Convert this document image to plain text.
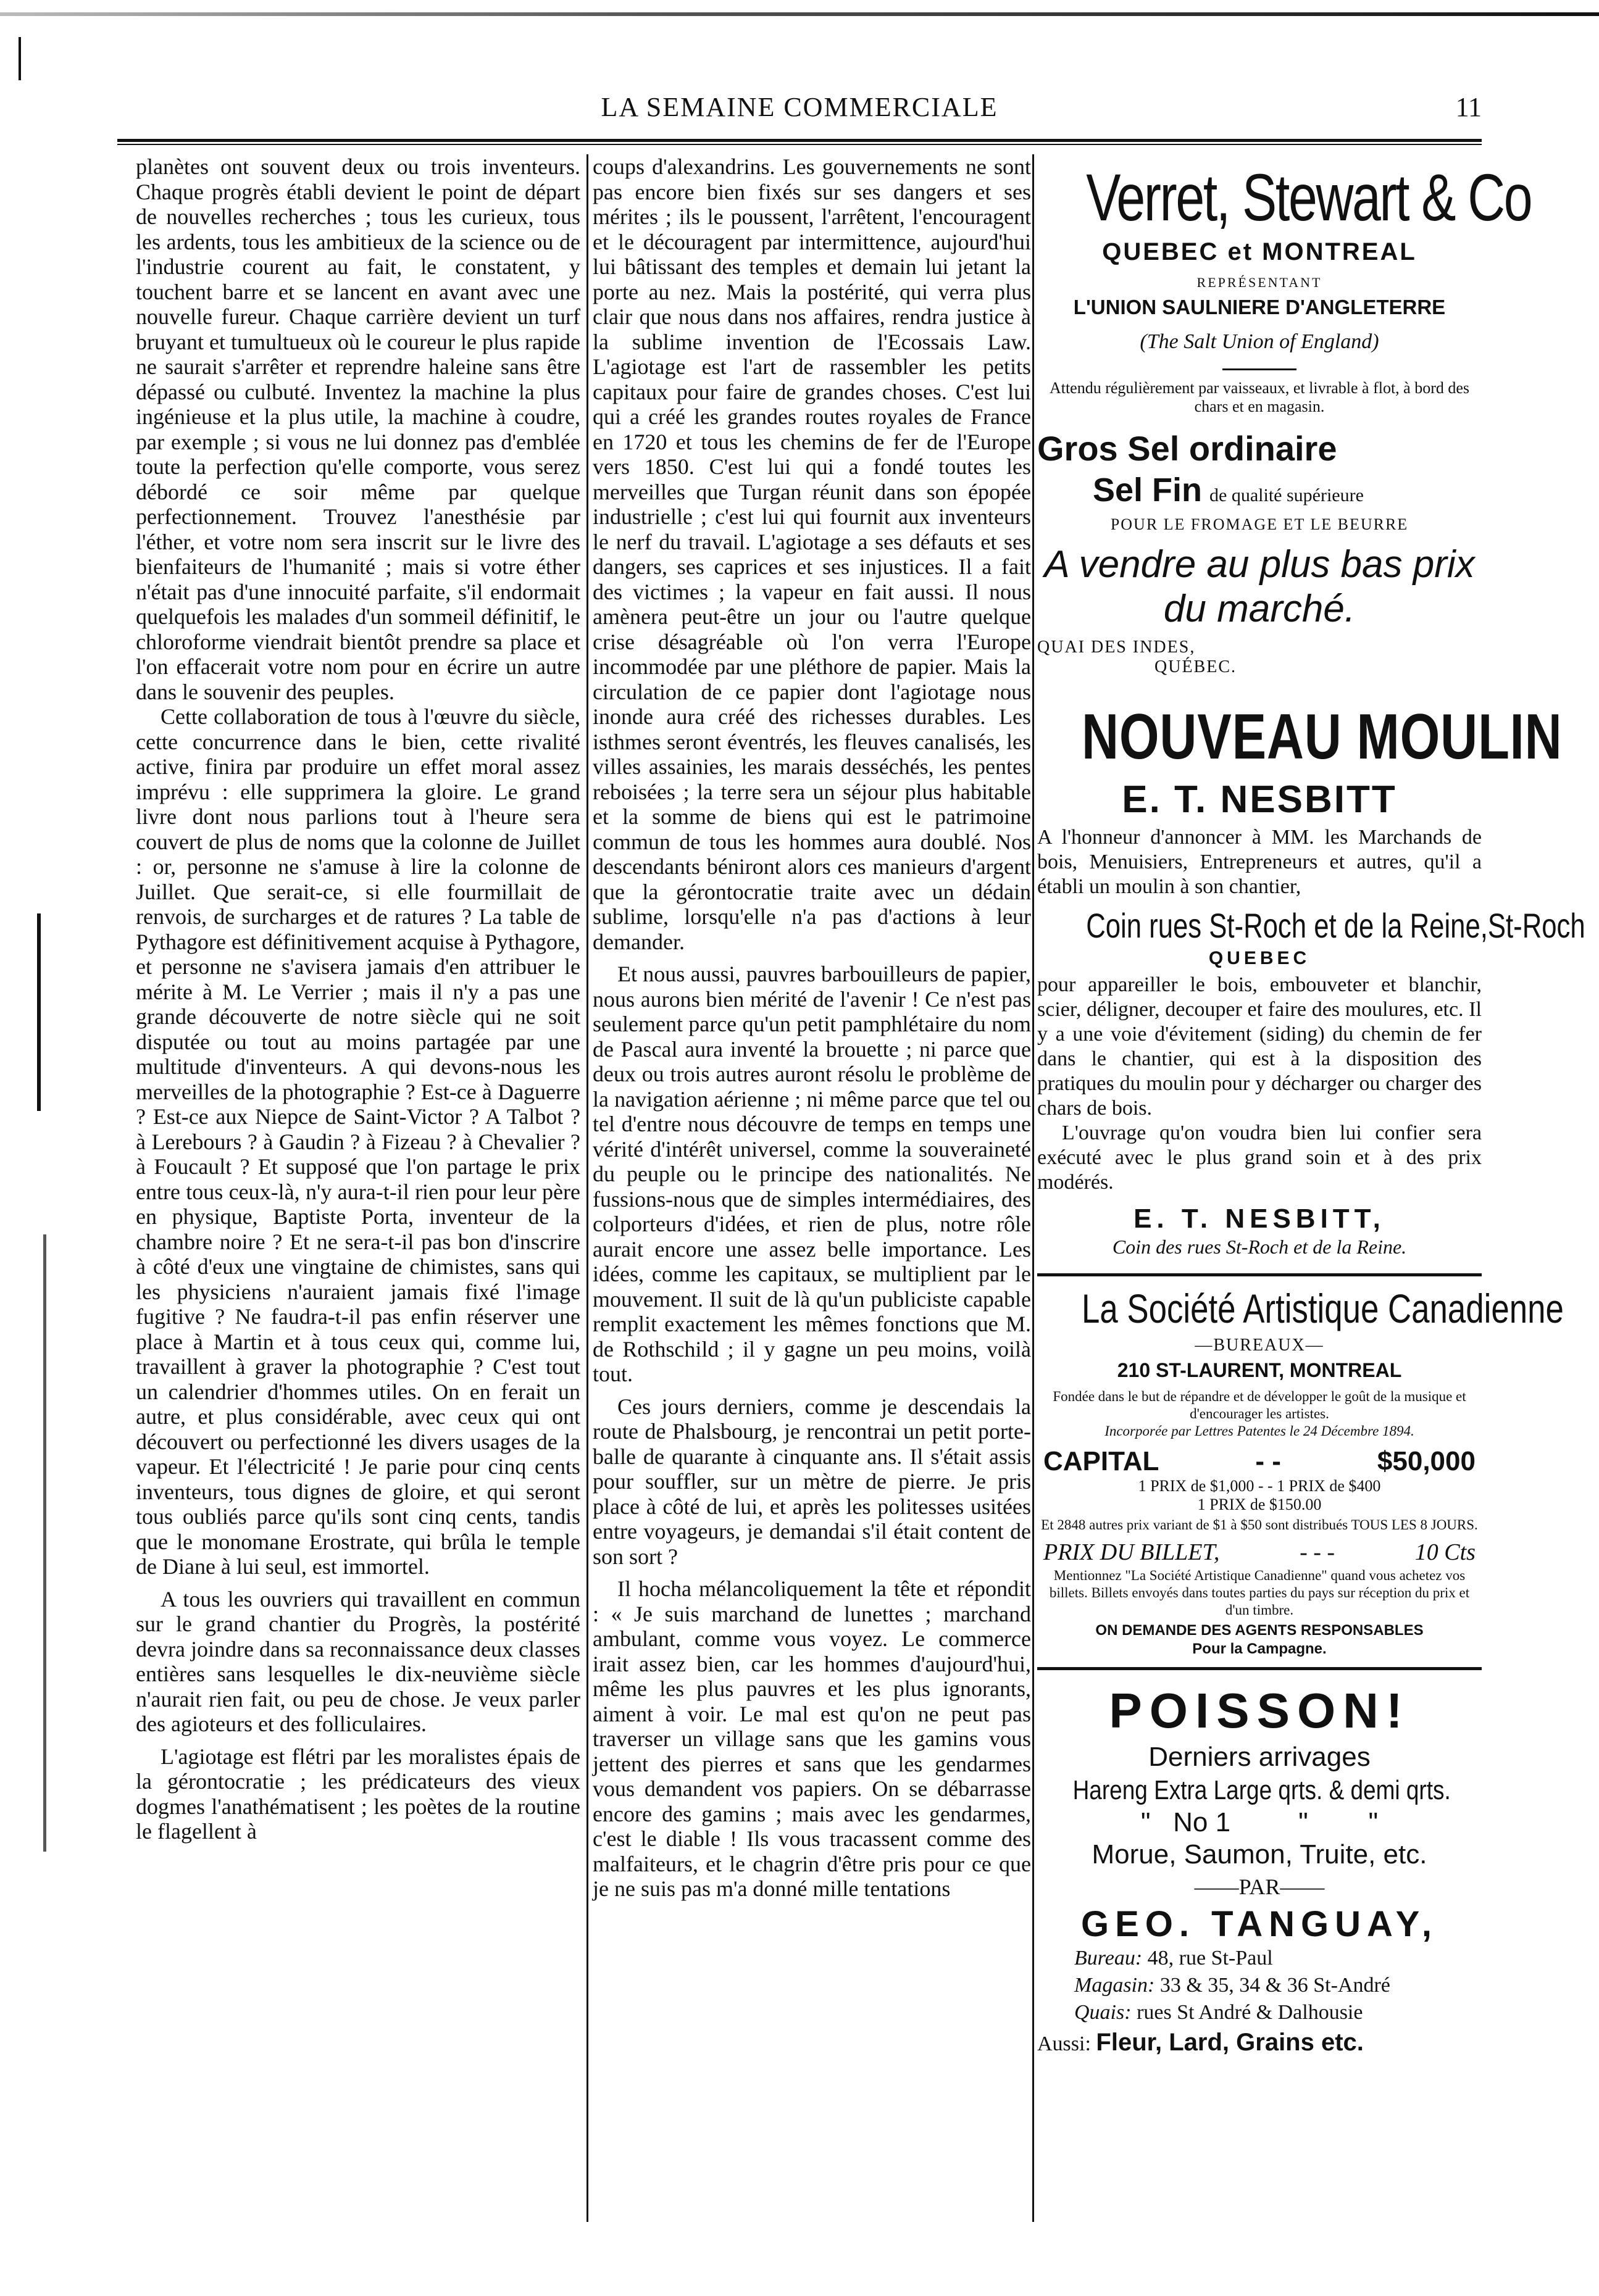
LA SEMAINE COMMERCIALE	11

planètes ont souvent deux ou trois inventeurs. Chaque progrès établi devient le point de départ de nouvelles recherches ; tous les curieux, tous les ardents, tous les ambitieux de la science ou de l'industrie courent au fait, le constatent, y touchent barre et se lancent en avant avec une nouvelle fureur. Chaque carrière devient un turf bruyant et tumultueux où le coureur le plus rapide ne saurait s'arrêter et reprendre haleine sans être dépassé ou culbuté. Inventez la machine la plus ingénieuse et la plus utile, la machine à coudre, par exemple ; si vous ne lui donnez pas d'emblée toute la perfection qu'elle comporte, vous serez débordé ce soir même par quelque perfectionnement. Trouvez l'anesthésie par l'éther, et votre nom sera inscrit sur le livre des bienfaiteurs de l'humanité ; mais si votre éther n'était pas d'une innocuité parfaite, s'il endormait quelquefois les malades d'un sommeil définitif, le chloroforme viendrait bientôt prendre sa place et l'on effacerait votre nom pour en écrire un autre dans le souvenir des peuples.

Cette collaboration de tous à l'œuvre du siècle, cette concurrence dans le bien, cette rivalité active, finira par produire un effet moral assez imprévu : elle supprimera la gloire. Le grand livre dont nous parlions tout à l'heure sera couvert de plus de noms que la colonne de Juillet : or, personne ne s'amuse à lire la colonne de Juillet. Que serait-ce, si elle fourmillait de renvois, de surcharges et de ratures ? La table de Pythagore est définitivement acquise à Pythagore, et personne ne s'avisera jamais d'en attribuer le mérite à M. Le Verrier ; mais il n'y a pas une grande découverte de notre siècle qui ne soit disputée ou tout au moins partagée par une multitude d'inventeurs. A qui devons-nous les merveilles de la photographie ? Est-ce à Daguerre ? Est-ce aux Niepce de Saint-Victor ? A Talbot ? à Lerebours ? à Gaudin ? à Fizeau ? à Chevalier ? à Foucault ? Et supposé que l'on partage le prix entre tous ceux-là, n'y aura-t-il rien pour leur père en physique, Baptiste Porta, inventeur de la chambre noire ? Et ne sera-t-il pas bon d'inscrire à côté d'eux une vingtaine de chimistes, sans qui les physiciens n'auraient jamais fixé l'image fugitive ? Ne faudra-t-il pas enfin réserver une place à Martin et à tous ceux qui, comme lui, travaillent à graver la photographie ? C'est tout un calendrier d'hommes utiles. On en ferait un autre, et plus considérable, avec ceux qui ont découvert ou perfectionné les divers usages de la vapeur. Et l'électricité ! Je parie pour cinq cents inventeurs, tous dignes de gloire, et qui seront tous oubliés parce qu'ils sont cinq cents, tandis que le monomane Erostrate, qui brûla le temple de Diane à lui seul, est immortel.

A tous les ouvriers qui travaillent en commun sur le grand chantier du Progrès, la postérité devra joindre dans sa reconnaissance deux classes entières sans lesquelles le dix-neuvième siècle n'aurait rien fait, ou peu de chose. Je veux parler des agioteurs et des folliculaires.

L'agiotage est flétri par les moralistes épais de la gérontocratie ; les prédicateurs des vieux dogmes l'anathématisent ; les poètes de la routine le flagellent à

coups d'alexandrins. Les gouvernements ne sont pas encore bien fixés sur ses dangers et ses mérites ; ils le poussent, l'arrêtent, l'encouragent et le découragent par intermittence, aujourd'hui lui bâtissant des temples et demain lui jetant la porte au nez. Mais la postérité, qui verra plus clair que nous dans nos affaires, rendra justice à la sublime invention de l'Ecossais Law. L'agiotage est l'art de rassembler les petits capitaux pour faire de grandes choses. C'est lui qui a créé les grandes routes royales de France en 1720 et tous les chemins de fer de l'Europe vers 1850. C'est lui qui a fondé toutes les merveilles que Turgan réunit dans son épopée industrielle ; c'est lui qui fournit aux inventeurs le nerf du travail. L'agiotage a ses défauts et ses dangers, ses caprices et ses injustices. Il a fait des victimes ; la vapeur en fait aussi. Il nous amènera peut-être un jour ou l'autre quelque crise désagréable où l'on verra l'Europe incommodée par une pléthore de papier. Mais la circulation de ce papier dont l'agiotage nous inonde aura créé des richesses durables. Les isthmes seront éventrés, les fleuves canalisés, les villes assainies, les marais desséchés, les pentes reboisées ; la terre sera un séjour plus habitable et la somme de biens qui est le patrimoine commun de tous les hommes aura doublé. Nos descendants béniront alors ces manieurs d'argent que la gérontocratie traite avec un dédain sublime, lorsqu'elle n'a pas d'actions à leur demander.

Et nous aussi, pauvres barbouilleurs de papier, nous aurons bien mérité de l'avenir ! Ce n'est pas seulement parce qu'un petit pamphlétaire du nom de Pascal aura inventé la brouette ; ni parce que deux ou trois autres auront résolu le problème de la navigation aérienne ; ni même parce que tel ou tel d'entre nous découvre de temps en temps une vérité d'intérêt universel, comme la souveraineté du peuple ou le principe des nationalités. Ne fussions-nous que de simples intermédiaires, des colporteurs d'idées, et rien de plus, notre rôle aurait encore une assez belle importance. Les idées, comme les capitaux, se multiplient par le mouvement. Il suit de là qu'un publiciste capable remplit exactement les mêmes fonctions que M. de Rothschild ; il y gagne un peu moins, voilà tout.

Ces jours derniers, comme je descendais la route de Phalsbourg, je rencontrai un petit porte-balle de quarante à cinquante ans. Il s'était assis pour souffler, sur un mètre de pierre. Je pris place à côté de lui, et après les politesses usitées entre voyageurs, je demandai s'il était content de son sort ?

Il hocha mélancoliquement la tête et répondit : « Je suis marchand de lunettes ; marchand ambulant, comme vous voyez. Le commerce irait assez bien, car les hommes d'aujourd'hui, même les plus pauvres et les plus ignorants, aiment à voir. Le mal est qu'on ne peut pas traverser un village sans que les gamins vous jettent des pierres et sans que les gendarmes vous demandent vos papiers. On se débarrasse encore des gamins ; mais avec les gendarmes, c'est le diable ! Ils vous tracassent comme des malfaiteurs, et le chagrin d'être pris pour ce que je ne suis pas m'a donné mille tentations

Verret, Stewart & Co
QUEBEC et MONTREAL
REPRÉSENTANT
L'UNION SAULNIERE D'ANGLETERRE
(The Salt Union of England)
Attendu régulièrement par vaisseaux, et livrable à flot, à bord des chars et en magasin.
Gros Sel ordinaire
Sel Fin de qualité supérieure
POUR LE FROMAGE ET LE BEURRE
A vendre au plus bas prix
du marché.
QUAI DES INDES,
QUÉBEC.
NOUVEAU MOULIN
E. T. NESBITT

A l'honneur d'annoncer à MM. les Marchands de bois, Menuisiers, Entrepreneurs et autres, qu'il a établi un moulin à son chantier,

Coin rues St-Roch et de la Reine,St-Roch
QUEBEC

pour appareiller le bois, embouveter et blanchir, scier, déligner, decouper et faire des moulures, etc. Il y a une voie d'évitement (siding) du chemin de fer dans le chantier, qui est à la disposition des pratiques du moulin pour y décharger ou charger des chars de bois.

L'ouvrage qu'on voudra bien lui confier sera exécuté avec le plus grand soin et à des prix modérés.

E. T. NESBITT,
Coin des rues St-Roch et de la Reine.
La Société Artistique Canadienne
—BUREAUX—
210 ST-LAURENT, MONTREAL
Fondée dans le but de répandre et de développer le goût de la musique et d'encourager les artistes.
Incorporée par Lettres Patentes le 24 Décembre 1894.
CAPITAL	- -	$50,000
1 PRIX de $1,000 - - 1 PRIX de $400
1 PRIX de $150.00
Et 2848 autres prix variant de $1 à $50 sont distribués TOUS LES 8 JOURS.
PRIX DU BILLET,	- - -	10 Cts
Mentionnez "La Société Artistique Canadienne" quand vous achetez vos billets. Billets envoyés dans toutes parties du pays sur réception du prix et d'un timbre.
ON DEMANDE DES AGENTS RESPONSABLES
Pour la Campagne.
POISSON!
Derniers arrivages
Hareng Extra Large qrts. & demi qrts.
"   No 1         "        "
Morue, Saumon, Truite, etc.
——PAR——
GEO. TANGUAY,
Bureau: 48, rue St-Paul
Magasin: 33 & 35, 34 & 36 St-André
Quais: rues St André & Dalhousie
Aussi: Fleur, Lard, Grains etc.
